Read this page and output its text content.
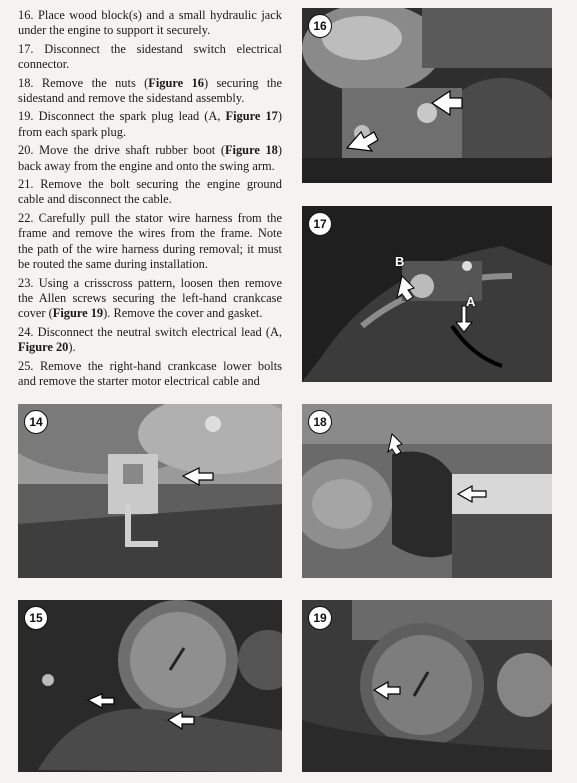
16. Place wood block(s) and a small hydraulic jack under the engine to support it securely.

17. Disconnect the sidestand switch electrical connector.

18. Remove the nuts (Figure 16) securing the sidestand and remove the sidestand assembly.

19. Disconnect the spark plug lead (A, Figure 17) from each spark plug.

20. Move the drive shaft rubber boot (Figure 18) back away from the engine and onto the swing arm.

21. Remove the bolt securing the engine ground cable and disconnect the cable.

22. Carefully pull the stator wire harness from the frame and remove the wires from the frame. Note the path of the wire harness during removal; it must be routed the same during installation.

23. Using a crisscross pattern, loosen then remove the Allen screws securing the left-hand crankcase cover (Figure 19). Remove the cover and gasket.

24. Disconnect the neutral switch electrical lead (A, Figure 20).

25. Remove the right-hand crankcase lower bolts and remove the starter motor electrical cable and

16
17
B
A
14	18
15	19
